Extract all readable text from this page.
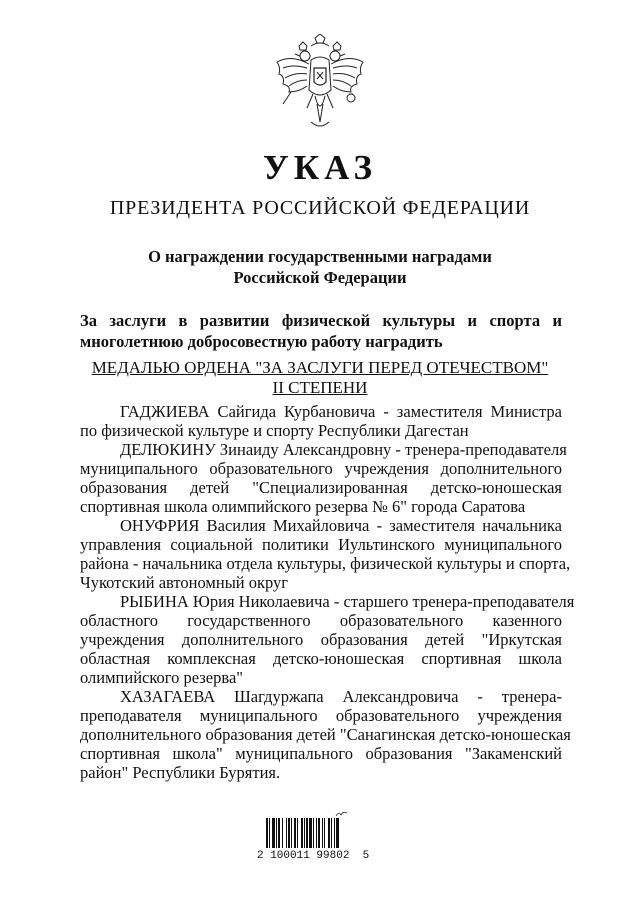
УКАЗ
ПРЕЗИДЕНТА РОССИЙСКОЙ ФЕДЕРАЦИИ
О награждении государственными наградами
Российской Федерации
За заслуги в развитии физической культуры и спорта и
многолетнюю добросовестную работу наградить
МЕДАЛЬЮ ОРДЕНА "ЗА ЗАСЛУГИ ПЕРЕД ОТЕЧЕСТВОМ"
II СТЕПЕНИ
ГАДЖИЕВА Сайгида Курбановича - заместителя Министра
по физической культуре и спорту Республики Дагестан
ДЕЛЮКИНУ Зинаиду Александровну - тренера-преподавателя
муниципального образовательного учреждения дополнительного
образования детей "Специализированная детско-юношеская
спортивная школа олимпийского резерва № 6" города Саратова
ОНУФРИЯ Василия Михайловича - заместителя начальника
управления социальной политики Иультинского муниципального
района - начальника отдела культуры, физической культуры и спорта,
Чукотский автономный округ
РЫБИНА Юрия Николаевича - старшего тренера-преподавателя
областного государственного образовательного казенного
учреждения дополнительного образования детей "Иркутская
областная комплексная детско-юношеская спортивная школа
олимпийского резерва"
ХАЗАГАЕВА Шагдуржапа Александровича - тренера-
преподавателя муниципального образовательного учреждения
дополнительного образования детей "Санагинская детско-юношеская
спортивная школа" муниципального образования "Закаменский
район" Республики Бурятия.
2 100011 99802  5
